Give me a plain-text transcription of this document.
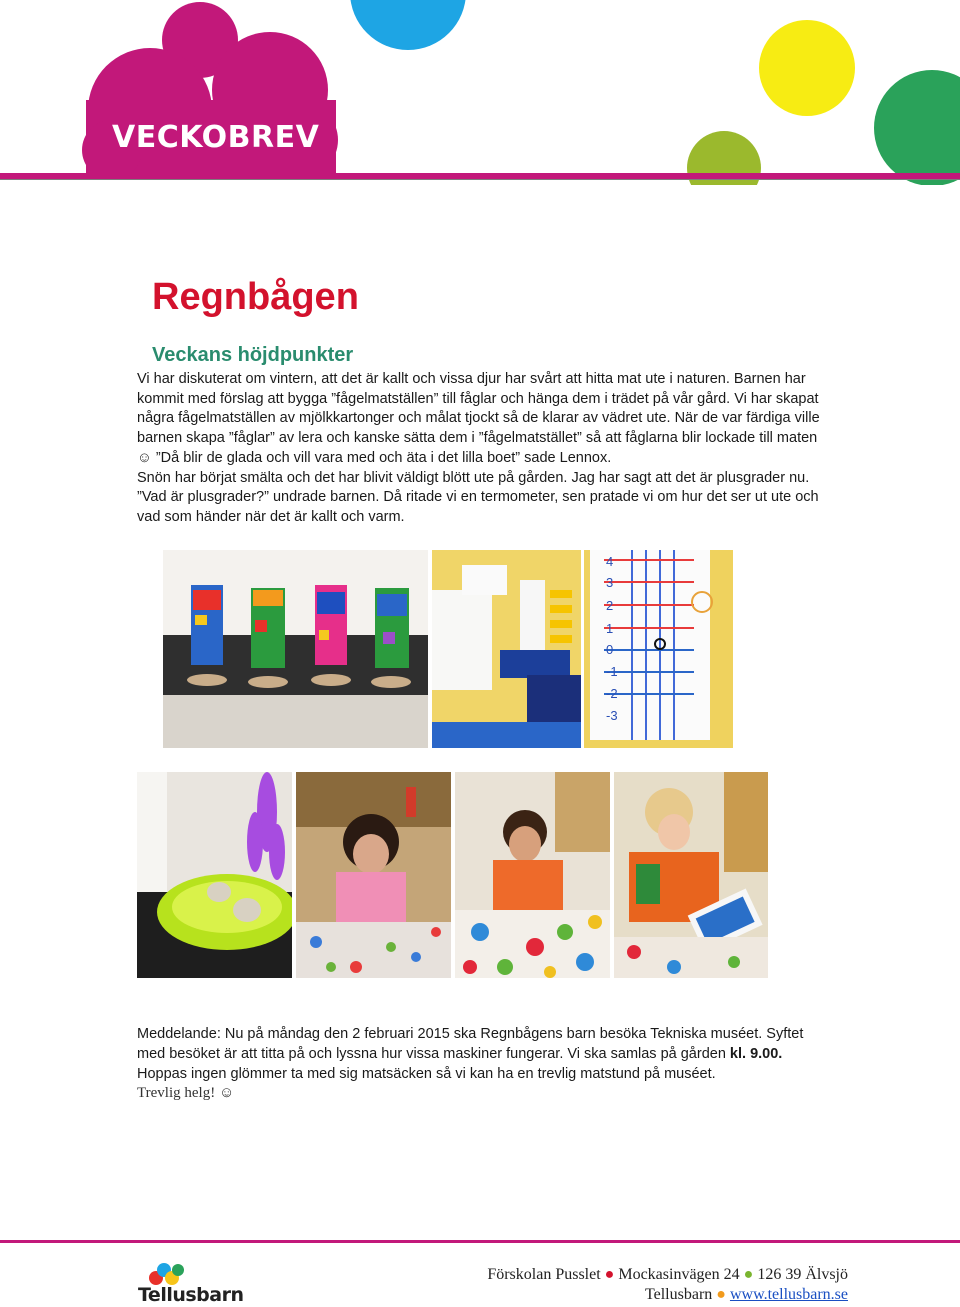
VECKOBREV
Regnbågen
Veckans höjdpunkter

Vi har diskuterat om vintern, att det är kallt och vissa djur har svårt att hitta mat ute i naturen. Barnen har kommit med förslag att bygga ”fågelmatställen” till fåglar och hänga dem i trädet på vår gård. Vi har skapat några fågelmatställen av mjölkkartonger och målat tjockt så de klarar av vädret ute. När de var färdiga ville barnen skapa ”fåglar” av lera och kanske sätta dem i ”fågelmatstället” så att fåglarna blir lockade till maten ☺ ”Då blir de glada och vill vara med och äta i det lilla boet” sade Lennox.

Snön har börjat smälta och det har blivit väldigt blött ute på gården. Jag har sagt att det är plusgrader nu. ”Vad är plusgrader?” undrade barnen. Då ritade vi en termometer, sen pratade vi om hur det ser ut ute och vad som händer när det är kallt och varm.

4
3
2
1
0
-1
-2
-3

Meddelande: Nu på måndag den 2 februari 2015 ska Regnbågens barn besöka Tekniska muséet. Syftet med besöket är att titta på och lyssna hur vissa maskiner fungerar. Vi ska samlas på gården kl. 9.00. Hoppas ingen glömmer ta med sig matsäcken så vi kan ha en trevlig matstund på muséet.

Trevlig helg! ☺
Tellusbarn
Förskolan Pusslet ● Mockasinvägen 24 ● 126 39 Älvsjö
Tellusbarn ● www.tellusbarn.se
